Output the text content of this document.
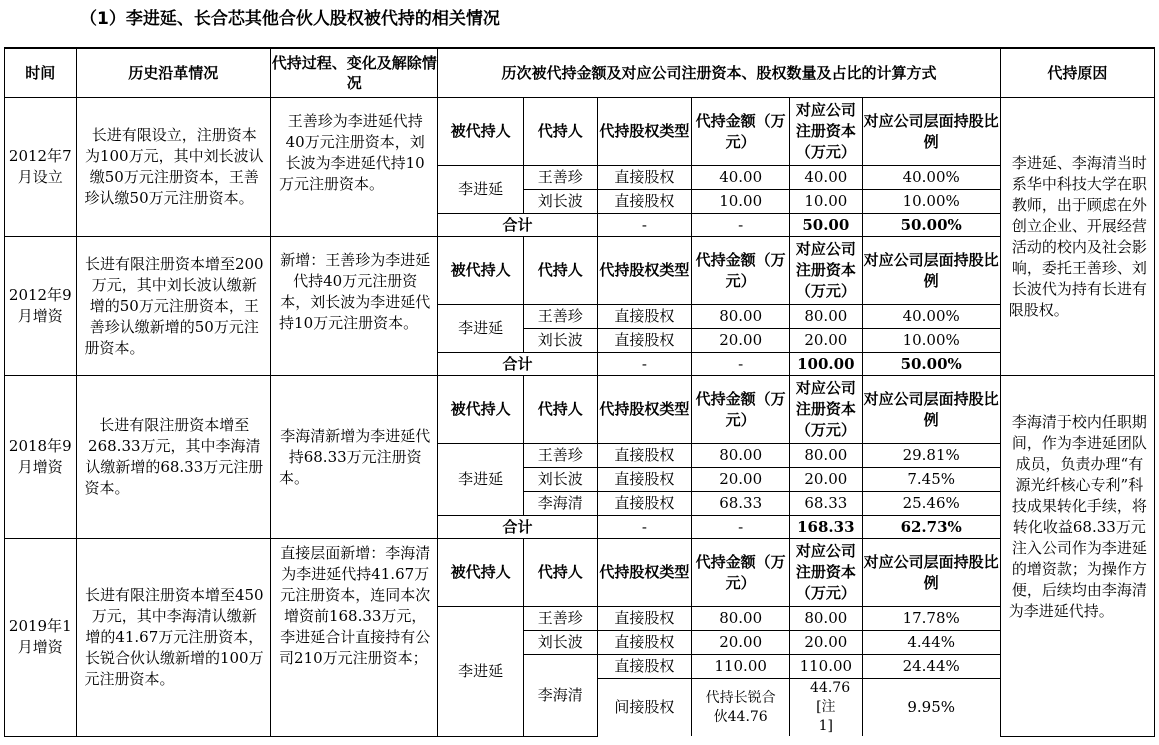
（1）李进延、长合芯其他合伙人股权被代持的相关情况
时间	历史沿革情况	代持过程、变化及解除情况	历次被代持金额及对应公司注册资本、股权数量及占比的计算方式						代持原因
2012年7月设立	长进有限设立，注册资本为100万元，其中刘长波认缴50万元注册资本，王善珍认缴50万元注册资本。	王善珍为李进延代持40万元注册资本，刘长波为李进延代持10万元注册资本。	被代持人	代持人	代持股权类型	代持金额（万元）	对应公司注册资本（万元）	对应公司层面持股比例	李进延、李海清当时系华中科技大学在职教师，出于顾虑在外创立企业、开展经营活动的校内及社会影响，委托王善珍、刘长波代为持有长进有限股权。
			李进延	王善珍	直接股权	40.00	40.00	40.00%	
				刘长波	直接股权	10.00	10.00	10.00%	
			合计		-	-	50.00	50.00%	
2012年9月增资	长进有限注册资本增至200万元，其中刘长波认缴新增的50万元注册资本，王善珍认缴新增的50万元注册资本。	新增：王善珍为李进延代持40万元注册资本，刘长波为李进延代持10万元注册资本。	被代持人	代持人	代持股权类型	代持金额（万元）	对应公司注册资本（万元）	对应公司层面持股比例	
			李进延	王善珍	直接股权	80.00	80.00	40.00%	
				刘长波	直接股权	20.00	20.00	10.00%	
			合计		-	-	100.00	50.00%	
2018年9月增资	长进有限注册资本增至268.33万元，其中李海清认缴新增的68.33万元注册资本。	李海清新增为李进延代持68.33万元注册资本。	被代持人	代持人	代持股权类型	代持金额（万元）	对应公司注册资本（万元）	对应公司层面持股比例	李海清于校内任职期间，作为李进延团队成员，负责办理“有源光纤核心专利”科技成果转化手续，将转化收益68.33万元注入公司作为李进延的增资款；为操作方便，后续均由李海清为李进延代持。
			李进延	王善珍	直接股权	80.00	80.00	29.81%	
				刘长波	直接股权	20.00	20.00	7.45%	
				李海清	直接股权	68.33	68.33	25.46%	
			合计		-	-	168.33	62.73%	
2019年1月增资	长进有限注册资本增至450万元，其中李海清认缴新增的41.67万元注册资本，长锐合伙认缴新增的100万元注册资本。	直接层面新增：李海清为李进延代持41.67万元注册资本，连同本次增资前168.33万元，李进延合计直接持有公司210万元注册资本；	被代持人	代持人	代持股权类型	代持金额（万元）	对应公司注册资本（万元）	对应公司层面持股比例	
			李进延	王善珍	直接股权	80.00	80.00	17.78%	
				刘长波	直接股权	20.00	20.00	4.44%	
				李海清	直接股权	110.00	110.00	24.44%	
					间接股权	代持长锐合伙44.76	44.76 [注1]	9.95%	
